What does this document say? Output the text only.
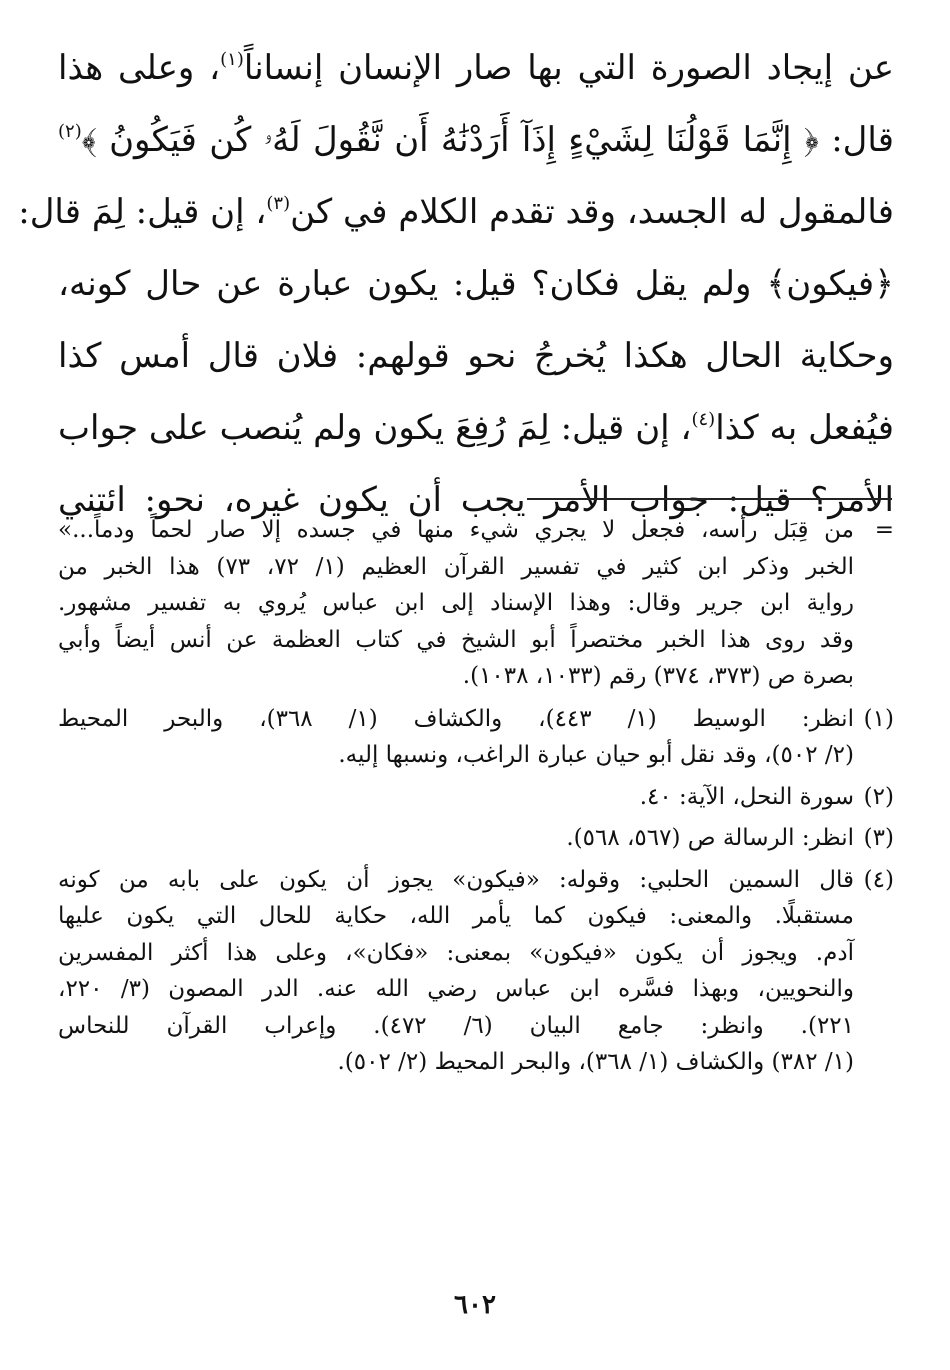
عن إيجاد الصورة التي بها صار الإنسان إنساناً$^{(١)}$، وعلى هذا
قال: ﴿ إِنَّمَا قَوْلُنَا لِشَيْءٍ إِذَآ أَرَدْنَٰهُ أَن نَّقُولَ لَهُۥ كُن فَيَكُونُ ﴾$^{(٢)}$
فالمقول له الجسد، وقد تقدم الكلام في كن$^{(٣)}$، إن قيل: لِمَ قال:
﴿فيكون﴾ ولم يقل فكان؟ قيل: يكون عبارة عن حال كونه،
وحكاية الحال هكذا يُخرجُ نحو قولهم: فلان قال أمس كذا
فيُفعل به كذا$^{(٤)}$، إن قيل: لِمَ رُفِعَ يكون ولم يُنصب على جواب
الأمر؟ قيل: جواب الأمر يجب أن يكون غيره، نحو: ائتني
=
من قِبَل رأسه، فجعل لا يجري شيء منها في جسده إلا صار لحماً ودماً...»
الخبر وذكر ابن كثير في تفسير القرآن العظيم (١/ ٧٢، ٧٣) هذا الخبر من
رواية ابن جرير وقال: وهذا الإسناد إلى ابن عباس يُروي به تفسير مشهور.
وقد روى هذا الخبر مختصراً أبو الشيخ في كتاب العظمة عن أنس أيضاً وأبي
بصرة ص (٣٧٣، ٣٧٤) رقم (١٠٣٣، ١٠٣٨).
(١)
انظر: الوسيط (١/ ٤٤٣)، والكشاف (١/ ٣٦٨)، والبحر المحيط
(٢/ ٥٠٢)، وقد نقل أبو حيان عبارة الراغب، ونسبها إليه.
(٢)
سورة النحل، الآية: ٤٠.
(٣)
انظر: الرسالة ص (٥٦٧، ٥٦٨).
(٤)
قال السمين الحلبي: وقوله: «فيكون» يجوز أن يكون على بابه من كونه
مستقبلًا. والمعنى: فيكون كما يأمر الله، حكاية للحال التي يكون عليها
آدم. ويجوز أن يكون «فيكون» بمعنى: «فكان»، وعلى هذا أكثر المفسرين
والنحويين، وبهذا فسَّره ابن عباس رضي الله عنه. الدر المصون (٣/ ٢٢٠،
٢٢١). وانظر: جامع البيان (٦/ ٤٧٢). وإعراب القرآن للنحاس
(١/ ٣٨٢) والكشاف (١/ ٣٦٨)، والبحر المحيط (٢/ ٥٠٢).
٦٠٢
